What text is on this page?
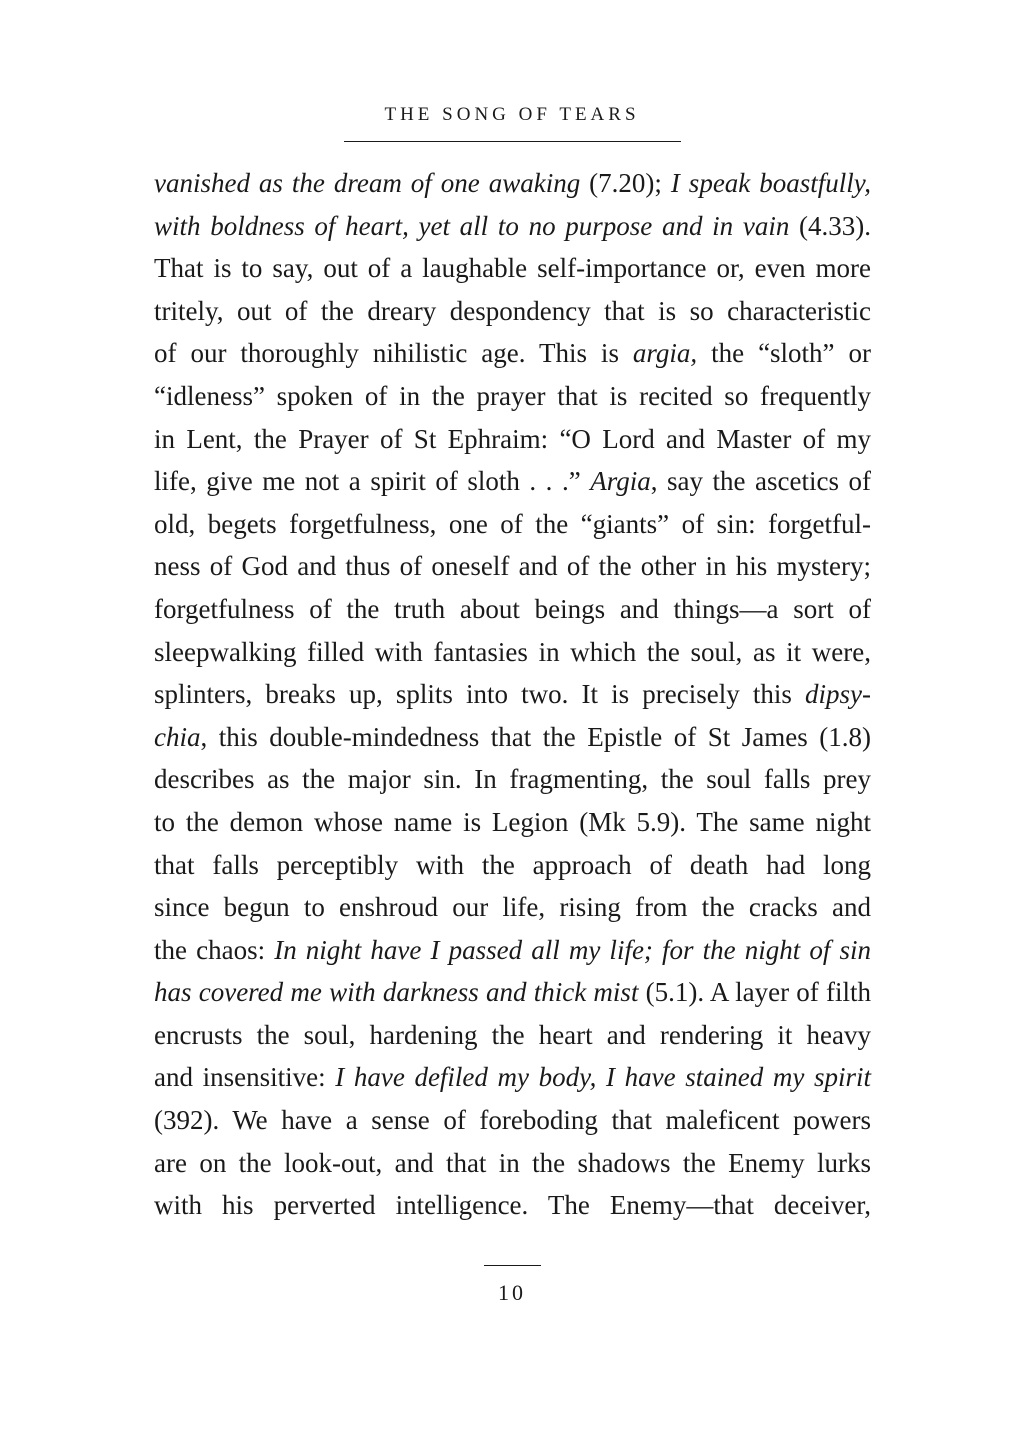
THE SONG OF TEARS
vanished as the dream of one awaking (7.20); I speak boastfully,
with boldness of heart, yet all to no purpose and in vain (4.33).
That is to say, out of a laughable self-importance or, even more
tritely, out of the dreary despondency that is so characteristic
of our thoroughly nihilistic age. This is argia, the “sloth” or
“idleness” spoken of in the prayer that is recited so frequently
in Lent, the Prayer of St Ephraim: “O Lord and Master of my
life, give me not a spirit of sloth . . .” Argia, say the ascetics of
old, begets forgetfulness, one of the “giants” of sin: forgetful-
ness of God and thus of oneself and of the other in his mystery;
forgetfulness of the truth about beings and things—a sort of
sleepwalking filled with fantasies in which the soul, as it were,
splinters, breaks up, splits into two. It is precisely this dipsy-
chia, this double-mindedness that the Epistle of St James (1.8)
describes as the major sin. In fragmenting, the soul falls prey
to the demon whose name is Legion (Mk 5.9). The same night
that falls perceptibly with the approach of death had long
since begun to enshroud our life, rising from the cracks and
the chaos: In night have I passed all my life; for the night of sin
has covered me with darkness and thick mist (5.1). A layer of filth
encrusts the soul, hardening the heart and rendering it heavy
and insensitive: I have defiled my body, I have stained my spirit
(392). We have a sense of foreboding that maleficent powers
are on the look-out, and that in the shadows the Enemy lurks
with his perverted intelligence. The Enemy—that deceiver,
10
